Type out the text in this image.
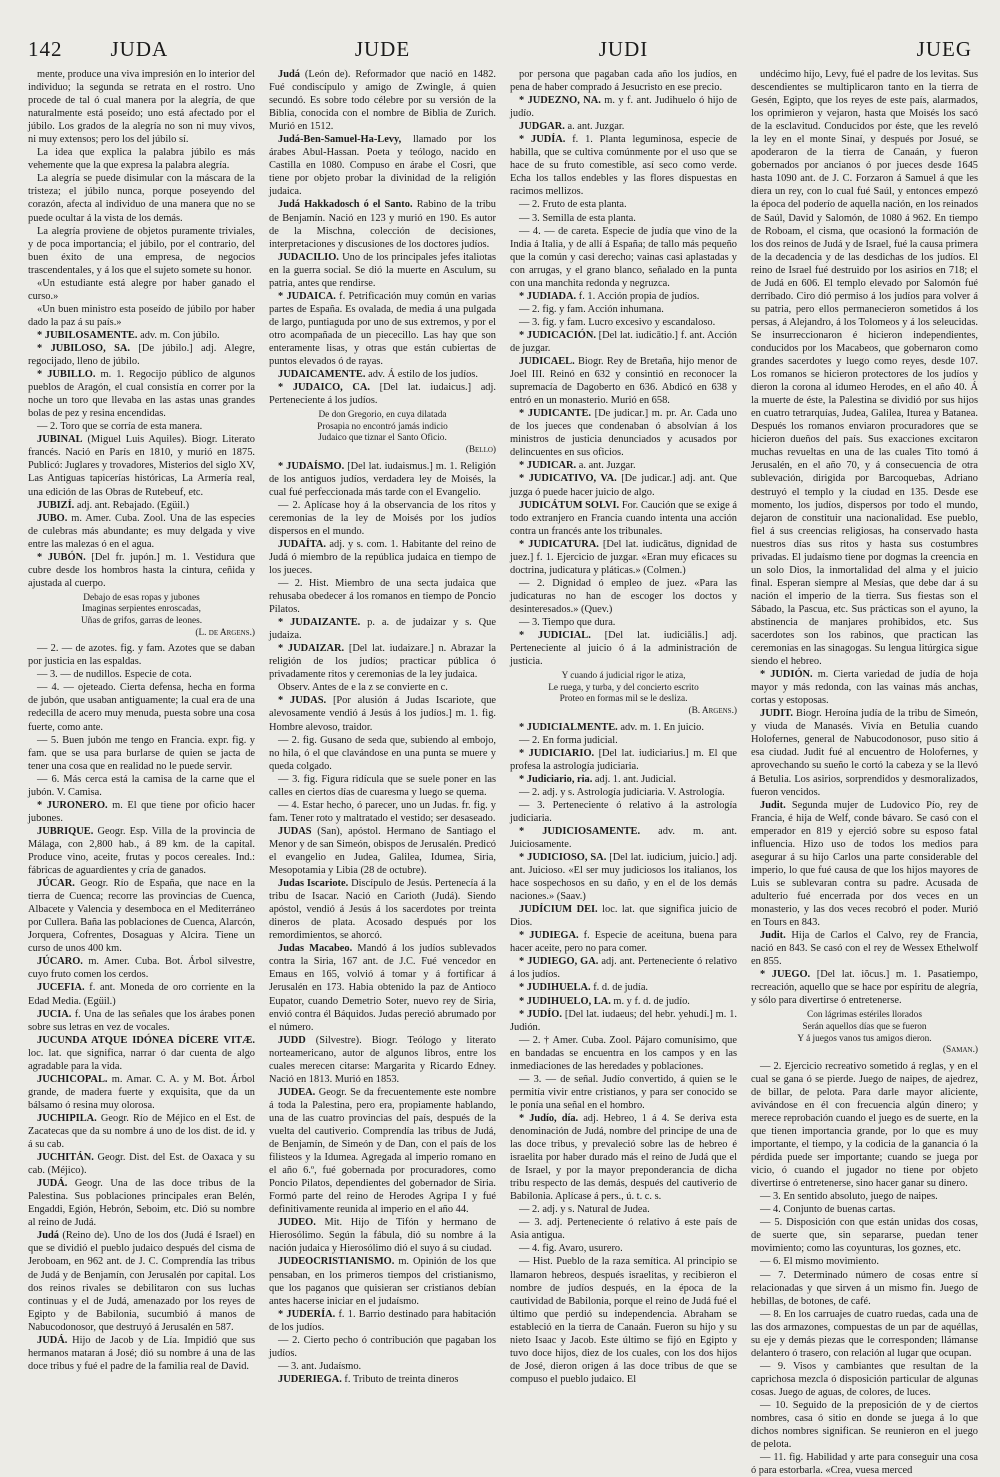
142 JUDA	JUDE	JUDI	JUEG

mente, produce una viva impresión en lo interior del individuo; la segunda se retrata en el rostro. Uno procede de tal ó cual manera por la alegría, de que naturalmente está poseído; uno está afectado por el júbilo. Los grados de la alegría no son ni muy vivos, ni muy extensos; pero los del júbilo sí.

La idea que explica la palabra júbilo es más vehemente que la que expresa la palabra alegría.

La alegría se puede disimular con la máscara de la tristeza; el júbilo nunca, porque poseyendo del corazón, afecta al individuo de una manera que no se puede ocultar á la vista de los demás.

La alegría proviene de objetos puramente triviales, y de poca importancia; el júbilo, por el contrario, del buen éxito de una empresa, de negocios trascendentales, y á los que el sujeto somete su honor.

«Un estudiante está alegre por haber ganado el curso.»

«Un buen ministro esta poseído de júbilo por haber dado la paz á su país.»

* JUBILOSAMENTE. adv. m. Con júbilo.

* JUBILOSO, SA. [De júbilo.] adj. Alegre, regocijado, lleno de júbilo.

* JUBILLO. m. 1. Regocijo público de algunos pueblos de Aragón, el cual consistía en correr por la noche un toro que llevaba en las astas unas grandes bolas de pez y resina encendidas.

— 2. Toro que se corría de esta manera.

JUBINAL (Miguel Luis Aquiles). Biogr. Literato francés. Nació en París en 1810, y murió en 1875. Publicó: Juglares y trovadores, Misterios del siglo XV, Las Antiguas tapicerías históricas, La Armería real, una edición de las Obras de Rutebeuf, etc.

JUBIZÍ. adj. ant. Rebajado. (Egüil.)

JUBO. m. Amer. Cuba. Zool. Una de las especies de culebras más abundante; es muy delgada y vive entre las malezas ó en el agua.

* JUBÓN. [Del fr. jupón.] m. 1. Vestidura que cubre desde los hombros hasta la cintura, ceñida y ajustada al cuerpo.

Debajo de esas ropas y jubones
Imaginas serpientes enroscadas,
Uñas de grifos, garras de leones.
(L. de Argens.)

— 2. — de azotes. fig. y fam. Azotes que se daban por justicia en las espaldas.

— 3. — de nudillos. Especie de cota.

— 4. — ojeteado. Cierta defensa, hecha en forma de jubón, que usaban antiguamente; la cual era de una redecilla de acero muy menuda, puesta sobre una cosa fuerte, como ante.

— 5. Buen jubón me tengo en Francia. expr. fig. y fam. que se usa para burlarse de quien se jacta de tener una cosa que en realidad no le puede servir.

— 6. Más cerca está la camisa de la carne que el jubón. V. Camisa.

* JURONERO. m. El que tiene por oficio hacer jubones.

JUBRIQUE. Geogr. Esp. Villa de la provincia de Málaga, con 2,800 hab., á 89 km. de la capital. Produce vino, aceite, frutas y pocos cereales. Ind.: fábricas de aguardientes y cría de ganados.

JÚCAR. Geogr. Río de España, que nace en la tierra de Cuenca; recorre las provincias de Cuenca, Albacete y Valencia y desemboca en el Mediterráneo por Cullera. Baña las poblaciones de Cuenca, Alarcón, Jorquera, Cofrentes, Dosaguas y Alcira. Tiene un curso de unos 400 km.

JÚCARO. m. Amer. Cuba. Bot. Árbol silvestre, cuyo fruto comen los cerdos.

JUCEFIA. f. ant. Moneda de oro corriente en la Edad Media. (Egüil.)

JUCIA. f. Una de las señales que los árabes ponen sobre sus letras en vez de vocales.

JUCUNDA ATQUE IDÓNEA DÍCERE VITÆ. loc. lat. que significa, narrar ó dar cuenta de algo agradable para la vida.

JUCHICOPAL. m. Amar. C. A. y M. Bot. Árbol grande, de madera fuerte y exquisita, que da un bálsamo ó resina muy olorosa.

JUCHIPILA. Geogr. Río de Méjico en el Est. de Zacatecas que da su nombre á uno de los dist. de id. y á su cab.

JUCHITÁN. Geogr. Dist. del Est. de Oaxaca y su cab. (Méjico).

JUDÁ. Geogr. Una de las doce tribus de la Palestina. Sus poblaciones principales eran Belén, Engaddi, Egión, Hebrón, Seboim, etc. Dió su nombre al reino de Judá.

Judá (Reino de). Uno de los dos (Judá é Israel) en que se dividió el pueblo judaico después del cisma de Jeroboam, en 962 ant. de J. C. Comprendía las tribus de Judá y de Benjamín, con Jerusalén por capital. Los dos reinos rivales se debilitaron con sus luchas continuas y el de Judá, amenazado por los reyes de Egipto y de Babilonia, sucumbió á manos de Nabucodonosor, que destruyó á Jerusalén en 587.

JUDÁ. Hijo de Jacob y de Lía. Impidió que sus hermanos mataran á José; dió su nombre á una de las doce tribus y fué el padre de la familia real de David.

Judá (León de). Reformador que nació en 1482. Fué condiscípulo y amigo de Zwingle, á quien secundó. Es sobre todo célebre por su versión de la Biblia, conocida con el nombre de Biblia de Zurich. Murió en 1512.

Judá-Ben-Samuel-Ha-Levy, llamado por los árabes Abul-Hassan. Poeta y teólogo, nacido en Castilla en 1080. Compuso en árabe el Cosri, que tiene por objeto probar la divinidad de la religión judaica.

Judá Hakkadosch ó el Santo. Rabino de la tribu de Benjamín. Nació en 123 y murió en 190. Es autor de la Mischna, colección de decisiones, interpretaciones y discusiones de los doctores judíos.

JUDACILIO. Uno de los principales jefes italiotas en la guerra social. Se dió la muerte en Asculum, su patria, antes que rendirse.

* JUDAICA. f. Petrificación muy común en varias partes de España. Es ovalada, de media á una pulgada de largo, puntiaguda por uno de sus extremos, y por el otro acompañada de un piececillo. Las hay que son enteramente lisas, y otras que están cubiertas de puntos elevados ó de rayas.

JUDAICAMENTE. adv. Á estilo de los judíos.

* JUDAICO, CA. [Del lat. iudaicus.] adj. Perteneciente á los judíos.

De don Gregorio, en cuya dilatada
Prosapia no encontró jamás indicio
Judaico que tiznar el Santo Oficio.
(Bello)

* JUDAÍSMO. [Del lat. iudaismus.] m. 1. Religión de los antiguos judíos, verdadera ley de Moisés, la cual fué perfeccionada más tarde con el Evangelio.

— 2. Aplícase hoy á la observancia de los ritos y ceremonias de la ley de Moisés por los judíos dispersos en el mundo.

JUDAÍTA. adj. y s. com. 1. Habitante del reino de Judá ó miembro de la república judaica en tiempo de los jueces.

— 2. Hist. Miembro de una secta judaica que rehusaba obedecer á los romanos en tiempo de Poncio Pilatos.

* JUDAIZANTE. p. a. de judaizar y s. Que judaiza.

* JUDAIZAR. [Del lat. iudaizare.] n. Abrazar la religión de los judíos; practicar pública ó privadamente ritos y ceremonias de la ley judaica.

Observ. Antes de e la z se convierte en c.

* JUDAS. [Por alusión á Judas Iscariote, que alevosamente vendió á Jesús á los judíos.] m. 1. fig. Hombre alevoso, traidor.

— 2. fig. Gusano de seda que, subiendo al embojo, no hila, ó el que clavándose en una punta se muere y queda colgado.

— 3. fig. Figura ridícula que se suele poner en las calles en ciertos días de cuaresma y luego se quema.

— 4. Estar hecho, ó parecer, uno un Judas. fr. fig. y fam. Tener roto y maltratado el vestido; ser desaseado.

JUDAS (San), apóstol. Hermano de Santiago el Menor y de san Simeón, obispos de Jerusalén. Predicó el evangelio en Judea, Galilea, Idumea, Siria, Mesopotamia y Libia (28 de octubre).

Judas Iscariote. Discípulo de Jesús. Pertenecía á la tribu de Isacar. Nació en Carioth (Judá). Siendo apóstol, vendió á Jesús á los sacerdotes por treinta dineros de plata. Acosado después por los remordimientos, se ahorcó.

Judas Macabeo. Mandó á los judíos sublevados contra la Siria, 167 ant. de J.C. Fué vencedor en Emaus en 165, volvió á tomar y á fortificar á Jerusalén en 173. Habia obtenido la paz de Antioco Eupator, cuando Demetrio Soter, nuevo rey de Siria, envió contra él Báquidos. Judas pereció abrumado por el número.

JUDD (Silvestre). Biogr. Teólogo y literato norteamericano, autor de algunos libros, entre los cuales merecen citarse: Margarita y Ricardo Edney. Nació en 1813. Murió en 1853.

JUDEA. Geogr. Se da frecuentemente este nombre á toda la Palestina, pero era, propiamente hablando, una de las cuatro provincias del país, después de la vuelta del cautiverio. Comprendía las tribus de Judá, de Benjamín, de Simeón y de Dan, con el país de los filisteos y la Idumea. Agregada al imperio romano en el año 6.º, fué gobernada por procuradores, como Poncio Pilatos, dependientes del gobernador de Siria. Formó parte del reino de Herodes Agripa I y fué definitivamente reunida al imperio en el año 44.

JUDEO. Mit. Hijo de Tifón y hermano de Hierosólimo. Según la fábula, dió su nombre á la nación judaica y Hierosólimo dió el suyo á su ciudad.

JUDEOCRISTIANISMO. m. Opinión de los que pensaban, en los primeros tiempos del cristianismo, que los paganos que quisieran ser cristianos debían antes hacerse iniciar en el judaísmo.

* JUDERÍA. f. 1. Barrio destinado para habitación de los judíos.

— 2. Cierto pecho ó contribución que pagaban los judíos.

— 3. ant. Judaísmo.

JUDERIEGA. f. Tributo de treinta dineros

por persona que pagaban cada año los judíos, en pena de haber comprado á Jesucristo en ese precio.

* JUDEZNO, NA. m. y f. ant. Judihuelo ó hijo de judío.

JUDGAR. a. ant. Juzgar.

* JUDÍA. f. 1. Planta leguminosa, especie de habilla, que se cultiva comúnmente por el uso que se hace de su fruto comestible, así seco como verde. Echa los tallos endebles y las flores dispuestas en racimos mellizos.

— 2. Fruto de esta planta.

— 3. Semilla de esta planta.

— 4. — de careta. Especie de judía que vino de la India á Italia, y de allí á España; de tallo más pequeño que la común y casi derecho; vainas casi aplastadas y con arrugas, y el grano blanco, señalado en la punta con una manchita redonda y negruzca.

* JUDIADA. f. 1. Acción propia de judíos.

— 2. fig. y fam. Acción inhumana.

— 3. fig. y fam. Lucro excesivo y escandaloso.

* JUDICACIÓN. [Del lat. iudicātio.] f. ant. Acción de juzgar.

JUDICAEL. Biogr. Rey de Bretaña, hijo menor de Joel III. Reinó en 632 y consintió en reconocer la supremacía de Dagoberto en 636. Abdicó en 638 y entró en un monasterio. Murió en 658.

* JUDICANTE. [De judicar.] m. pr. Ar. Cada uno de los jueces que condenaban ó absolvían á los ministros de justicia denunciados y acusados por delincuentes en sus oficios.

* JUDICAR. a. ant. Juzgar.

* JUDICATIVO, VA. [De judicar.] adj. ant. Que juzga ó puede hacer juicio de algo.

JUDICÁTUM SOLVI. For. Caución que se exige á todo extranjero en Francia cuando intenta una acción contra un francés ante los tribunales.

* JUDICATURA. [Del lat. iudicātus, dignidad de juez.] f. 1. Ejercicio de juzgar. «Eran muy eficaces su doctrina, judicatura y pláticas.» (Colmen.)

— 2. Dignidad ó empleo de juez. «Para las judicaturas no han de escoger los doctos y desinteresados.» (Quev.)

— 3. Tiempo que dura.

* JUDICIAL. [Del lat. iudiciālis.] adj. Perteneciente al juicio ó á la administración de justicia.

Y cuando á judicial rigor le atiza,
Le ruega, y turba, y del concierto escrito
Proteo en formas mil se le desliza.
(B. Argens.)

* JUDICIALMENTE. adv. m. 1. En juicio.

— 2. En forma judicial.

* JUDICIARIO. [Del lat. iudiciarius.] m. El que profesa la astrología judiciaria.

* Judiciario, ria. adj. 1. ant. Judicial.

— 2. adj. y s. Astrología judiciaria. V. Astrología.

— 3. Perteneciente ó relativo á la astrología judiciaria.

* JUDICIOSAMENTE. adv. m. ant. Juiciosamente.

* JUDICIOSO, SA. [Del lat. iudicium, juicio.] adj. ant. Juicioso. «El ser muy judiciosos los italianos, los hace sospechosos en su daño, y en el de los demás naciones.» (Saav.)

JUDÍCIUM DEI. loc. lat. que significa juicio de Dios.

* JUDIEGA. f. Especie de aceituna, buena para hacer aceite, pero no para comer.

* JUDIEGO, GA. adj. ant. Perteneciente ó relativo á los judíos.

* JUDIHUELA. f. d. de judía.

* JUDIHUELO, LA. m. y f. d. de judío.

* JUDÍO. [Del lat. iudaeus; del hebr. yehudí.] m. 1. Judión.

— 2. † Amer. Cuba. Zool. Pájaro comunísimo, que en bandadas se encuentra en los campos y en las inmediaciones de las heredades y poblaciones.

— 3. — de señal. Judío convertido, á quien se le permitía vivir entre cristianos, y para ser conocido se le ponía una señal en el hombro.

* Judío, día. adj. Hebreo, 1 á 4. Se deriva esta denominación de Judá, nombre del principe de una de las doce tribus, y prevaleció sobre las de hebreo é israelita por haber durado más el reino de Judá que el de Israel, y por la mayor preponderancia de dicha tribu respecto de las demás, después del cautiverio de Babilonia. Aplícase á pers., ú. t. c. s.

— 2. adj. y s. Natural de Judea.

— 3. adj. Perteneciente ó relativo á este país de Asia antigua.

— 4. fig. Avaro, usurero.

— Hist. Pueblo de la raza semítica. Al principio se llamaron hebreos, después israelitas, y recibieron el nombre de judíos después, en la época de la cautividad de Babilonia, porque el reino de Judá fué el último que perdió su independencia. Abraham se estableció en la tierra de Canaán. Fueron su hijo y su nieto Isaac y Jacob. Este último se fijó en Egipto y tuvo doce hijos, diez de los cuales, con los dos hijos de José, dieron origen á las doce tribus de que se compuso el pueblo judaico. El

undécimo hijo, Levy, fué el padre de los levitas. Sus descendientes se multiplicaron tanto en la tierra de Gesén, Egipto, que los reyes de este país, alarmados, los oprimieron y vejaron, hasta que Moisés los sacó de la esclavitud. Conducidos por éste, que les reveló la ley en el monte Sinaí, y después por Josué, se apoderaron de la tierra de Canaán, y fueron gobernados por ancianos ó por jueces desde 1645 hasta 1090 ant. de J. C. Forzaron á Samuel á que les diera un rey, con lo cual fué Saúl, y entonces empezó la época del poderío de aquella nación, en los reinados de Saúl, David y Salomón, de 1080 á 962. En tiempo de Roboam, el cisma, que ocasionó la formación de los dos reinos de Judá y de Israel, fué la causa primera de la decadencia y de las desdichas de los judíos. El reino de Israel fué destruido por los asirios en 718; el de Judá en 606. El templo elevado por Salomón fué derribado. Ciro dió permiso á los judíos para volver á su patria, pero ellos permanecieron sometidos á los persas, á Alejandro, á los Tolomeos y á los seleucidas. Se insurreccionaron é hicieron independientes, conducidos por los Macabeos, que gobernaron como grandes sacerdotes y luego como reyes, desde 107. Los romanos se hicieron protectores de los judíos y dieron la corona al idumeo Herodes, en el año 40. Á la muerte de éste, la Palestina se dividió por sus hijos en cuatro tetrarquías, Judea, Galilea, Iturea y Batanea. Después los romanos enviaron procuradores que se hicieron dueños del país. Sus exacciones excitaron muchas revueltas en una de las cuales Tito tomó á Jerusalén, en el año 70, y á consecuencia de otra sublevación, dirigida por Barcoquebas, Adriano destruyó el templo y la ciudad en 135. Desde ese momento, los judíos, dispersos por todo el mundo, dejaron de constituir una nacionalidad. Ese pueblo, fiel á sus creencias religiosas, ha conservado hasta nuestros días sus ritos y hasta sus costumbres privadas. El judaísmo tiene por dogmas la creencia en un solo Dios, la inmortalidad del alma y el juicio final. Esperan siempre al Mesías, que debe dar á su nación el imperio de la tierra. Sus fiestas son el Sábado, la Pascua, etc. Sus prácticas son el ayuno, la abstinencia de manjares prohibidos, etc. Sus sacerdotes son los rabinos, que practican las ceremonias en las sinagogas. Su lengua litúrgica sigue siendo el hebreo.

* JUDIÓN. m. Cierta variedad de judía de hoja mayor y más redonda, con las vainas más anchas, cortas y estoposas.

JUDIT. Biogr. Heroína judía de la tribu de Simeón, y viuda de Manasés. Vivía en Betulia cuando Holofernes, general de Nabucodonosor, puso sitio á esa ciudad. Judit fué al encuentro de Holofernes, y aprovechando su sueño le cortó la cabeza y se la llevó á Betulia. Los asirios, sorprendidos y desmoralizados, fueron vencidos.

Judit. Segunda mujer de Ludovico Pío, rey de Francia, é hija de Welf, conde bávaro. Se casó con el emperador en 819 y ejerció sobre su esposo fatal influencia. Hizo uso de todos los medios para asegurar á su hijo Carlos una parte considerable del imperio, lo que fué causa de que los hijos mayores de Luis se sublevaran contra su padre. Acusada de adulterio fué encerrada por dos veces en un monasterio, y las dos veces recobró el poder. Murió en Tours en 843.

Judit. Hija de Carlos el Calvo, rey de Francia, nació en 843. Se casó con el rey de Wessex Ethelwolf en 855.

* JUEGO. [Del lat. iŏcus.] m. 1. Pasatiempo, recreación, aquello que se hace por espíritu de alegría, y sólo para divertirse ó entretenerse.

Con lágrimas estériles llorados
Serán aquellos días que se fueron
Y á juegos vanos tus amigos dieron.
(Saman.)

— 2. Ejercicio recreativo sometido á reglas, y en el cual se gana ó se pierde. Juego de naipes, de ajedrez, de billar, de pelota. Para darle mayor aliciente, avivándose en él con frecuencia algún dinero; y merece reprobación cuando el juego es de suerte, en la que tienen importancia grande, por lo que es muy importante, el tiempo, y la codicia de la ganancia ó la pérdida puede ser importante; cuando se juega por vicio, ó cuando el jugador no tiene por objeto divertirse ó entretenerse, sino hacer ganar su dinero.

— 3. En sentido absoluto, juego de naipes.

— 4. Conjunto de buenas cartas.

— 5. Disposición con que están unidas dos cosas, de suerte que, sin separarse, puedan tener movimiento; como las coyunturas, los goznes, etc.

— 6. El mismo movimiento.

— 7. Determinado número de cosas entre sí relacionadas y que sirven á un mismo fin. Juego de hebillas, de botones, de café.

— 8. En los carruajes de cuatro ruedas, cada una de las dos armazones, compuestas de un par de aquéllas, su eje y demás piezas que le corresponden; llámanse delantero ó trasero, con relación al lugar que ocupan.

— 9. Visos y cambiantes que resultan de la caprichosa mezcla ó disposición particular de algunas cosas. Juego de aguas, de colores, de luces.

— 10. Seguido de la preposición de y de ciertos nombres, casa ó sitio en donde se juega á lo que dichos nombres significan. Se reunieron en el juego de pelota.

— 11. fig. Habilidad y arte para conseguir una cosa ó para estorbarla. «Crea, vuesa merced
